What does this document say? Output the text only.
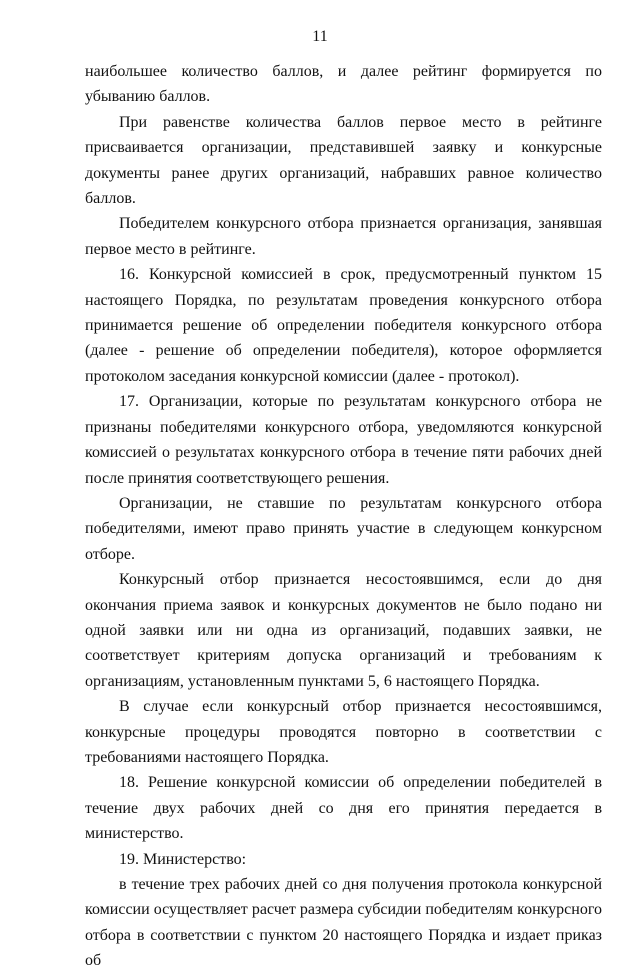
11

наибольшее количество баллов, и далее рейтинг формируется по убыванию баллов.

При равенстве количества баллов первое место в рейтинге присваивается организации, представившей заявку и конкурсные документы ранее других организаций, набравших равное количество баллов.

Победителем конкурсного отбора признается организация, занявшая первое место в рейтинге.

16. Конкурсной комиссией в срок, предусмотренный пунктом 15 настоящего Порядка, по результатам проведения конкурсного отбора принимается решение об определении победителя конкурсного отбора (далее - решение об определении победителя), которое оформляется протоколом заседания конкурсной комиссии (далее - протокол).

17. Организации, которые по результатам конкурсного отбора не признаны победителями конкурсного отбора, уведомляются конкурсной комиссией о результатах конкурсного отбора в течение пяти рабочих дней после принятия соответствующего решения.

Организации, не ставшие по результатам конкурсного отбора победителями, имеют право принять участие в следующем конкурсном отборе.

Конкурсный отбор признается несостоявшимся, если до дня окончания приема заявок и конкурсных документов не было подано ни одной заявки или ни одна из организаций, подавших заявки, не соответствует критериям допуска организаций и требованиям к организациям, установленным пунктами 5, 6 настоящего Порядка.

В случае если конкурсный отбор признается несостоявшимся, конкурсные процедуры проводятся повторно в соответствии с требованиями настоящего Порядка.

18. Решение конкурсной комиссии об определении победителей в течение двух рабочих дней со дня его принятия передается в министерство.

19. Министерство:

в течение трех рабочих дней со дня получения протокола конкурсной комиссии осуществляет расчет размера субсидии победителям конкурсного отбора в соответствии с пунктом 20 настоящего Порядка и издает приказ об
